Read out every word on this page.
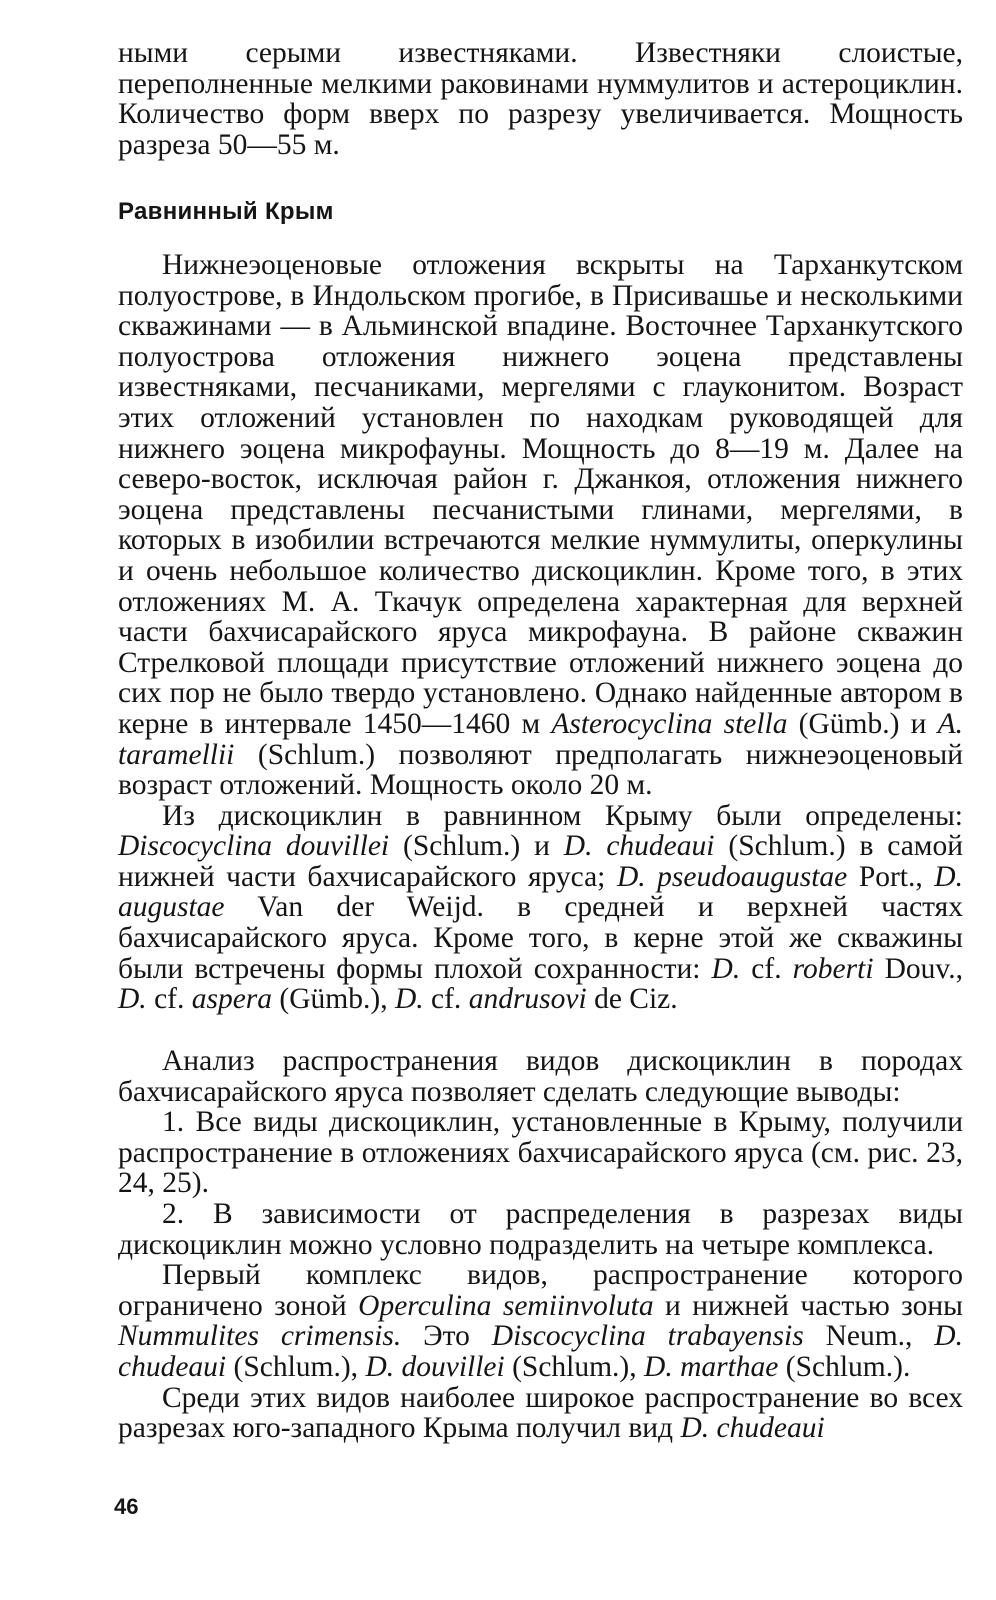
ными серыми известняками. Известняки слоистые, переполненные мелкими раковинами нуммулитов и астероциклин. Количество форм вверх по разрезу увеличивается. Мощность разреза 50—55 м.

Равнинный Крым

Нижнеэоценовые отложения вскрыты на Тарханкутском полуострове, в Индольском прогибе, в Присивашье и несколькими скважинами — в Альминской впадине. Восточнее Тарханкутского полуострова отложения нижнего эоцена представлены известняками, песчаниками, мергелями с глауконитом. Возраст этих отложений установлен по находкам руководящей для нижнего эоцена микрофауны. Мощность до 8—19 м. Далее на северо-восток, исключая район г. Джанкоя, отложения нижнего эоцена представлены песчанистыми глинами, мергелями, в которых в изобилии встречаются мелкие нуммулиты, оперкулины и очень небольшое количество дискоциклин. Кроме того, в этих отложениях М. А. Ткачук определена характерная для верхней части бахчисарайского яруса микрофауна. В районе скважин Стрелковой площади присутствие отложений нижнего эоцена до сих пор не было твердо установлено. Однако найденные автором в керне в интервале 1450—1460 м Asterocyclina stella (Gümb.) и A. taramellii (Schlum.) позволяют предполагать нижнеэоценовый возраст отложений. Мощность около 20 м.

Из дискоциклин в равнинном Крыму были определены: Discocyclina douvillei (Schlum.) и D. chudeaui (Schlum.) в самой нижней части бахчисарайского яруса; D. pseudoaugustae Port., D. augustae Van der Weijd. в средней и верхней частях бахчисарайского яруса. Кроме того, в керне этой же скважины были встречены формы плохой сохранности: D. cf. roberti Douv., D. cf. aspera (Gümb.), D. cf. andrusovi de Ciz.

Анализ распространения видов дискоциклин в породах бахчисарайского яруса позволяет сделать следующие выводы:

1. Все виды дискоциклин, установленные в Крыму, получили распространение в отложениях бахчисарайского яруса (см. рис. 23, 24, 25).

2. В зависимости от распределения в разрезах виды дискоциклин можно условно подразделить на четыре комплекса.

Первый комплекс видов, распространение которого ограничено зоной Operculina semiinvoluta и нижней частью зоны Nummulites crimensis. Это Discocyclina trabayensis Neum., D. chudeaui (Schlum.), D. douvillei (Schlum.), D. marthae (Schlum.).

Среди этих видов наиболее широкое распространение во всех разрезах юго-западного Крыма получил вид D. chudeaui

46
